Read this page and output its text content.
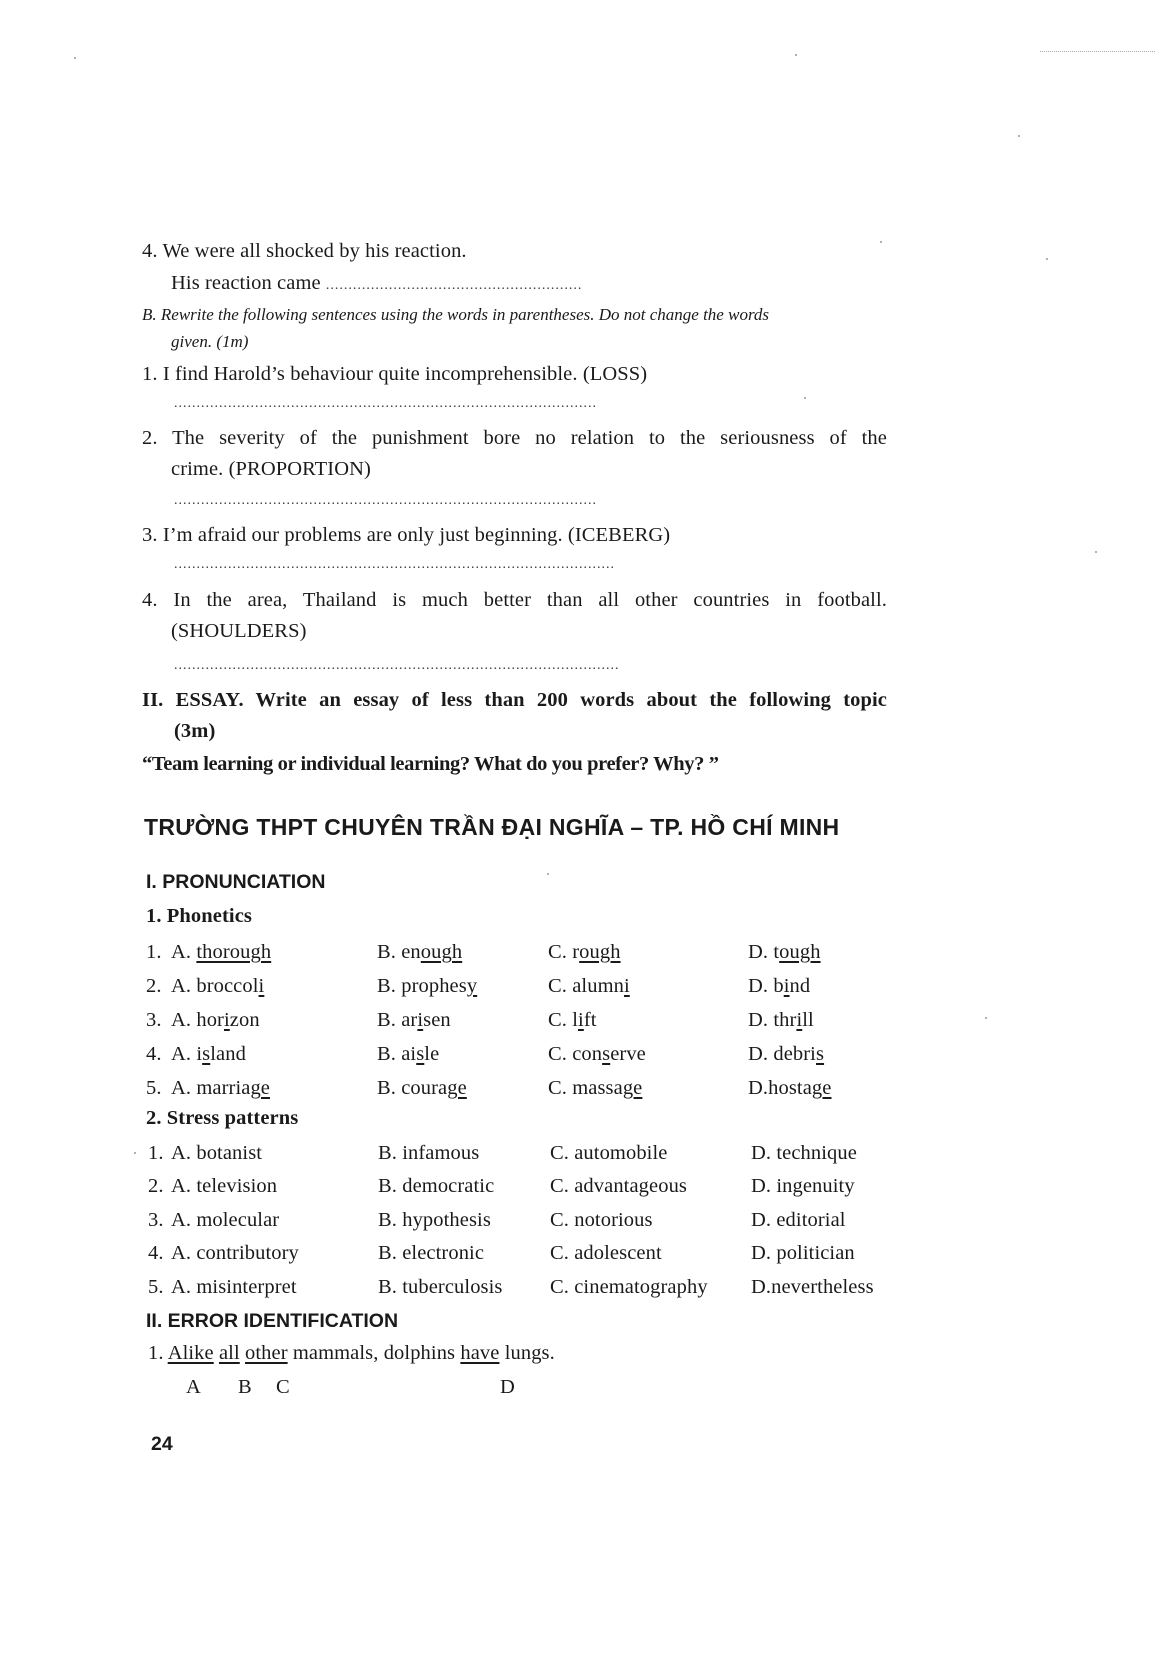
4. We were all shocked by his reaction.
His reaction came .........................................................
B. Rewrite the following sentences using the words in parentheses. Do not change the words
given. (1m)
1. I find Harold’s behaviour quite incomprehensible. (LOSS)
..............................................................................................
2. The severity of the punishment bore no relation to the seriousness of the
crime. (PROPORTION)
..............................................................................................
3. I’m afraid our problems are only just beginning. (ICEBERG)
..................................................................................................
4. In the area, Thailand is much better than all other countries in football.
(SHOULDERS)
...................................................................................................
II. ESSAY. Write an essay of less than 200 words about the following topic
(3m)
“Team learning or individual learning? What do you prefer? Why? ”
TRƯỜNG THPT CHUYÊN TRẦN ĐẠI NGHĨA – TP. HỒ CHÍ MINH
I. PRONUNCIATION
1. Phonetics
1. A. thorough	B. enough	C. rough	D. tough
2. A. broccoli	B. prophesy	C. alumni	D. bind
3. A. horizon	B. arisen	C. lift	D. thrill
4. A. island	B. aisle	C. conserve	D. debris
5. A. marriage	B. courage	C. massage	D.hostage
2. Stress patterns
1. A. botanist	B. infamous	C. automobile	D. technique
2. A. television	B. democratic	C. advantageous	D. ingenuity
3. A. molecular	B. hypothesis	C. notorious	D. editorial
4. A. contributory	B. electronic	C. adolescent	D. politician
5. A. misinterpret	B. tuberculosis C. cinematography D.nevertheless
II. ERROR IDENTIFICATION
1. Alike all other mammals, dolphins have lungs.
A B C	D
24
